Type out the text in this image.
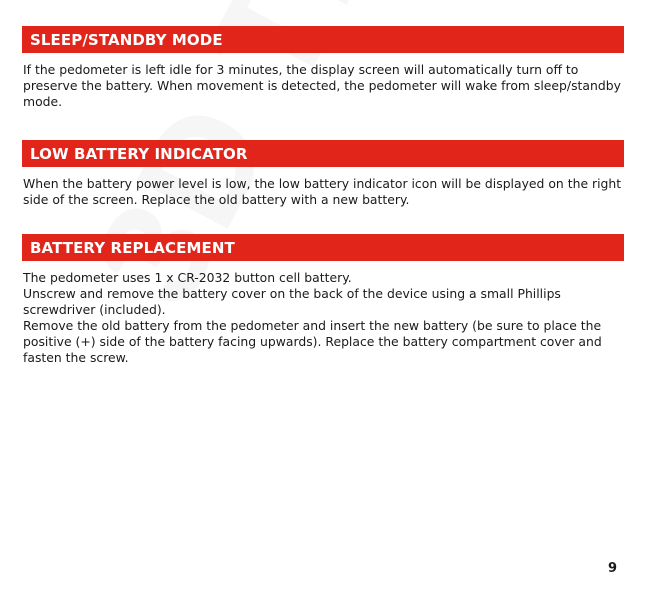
SLEEP/STANDBY MODE

If the pedometer is left idle for 3 minutes, the display screen will automatically turn off to preserve the battery. When movement is detected, the pedometer will wake from sleep/standby mode.

LOW BATTERY INDICATOR

When the battery power level is low, the low battery indicator icon will be displayed on the right side of the screen. Replace the old battery with a new battery.

BATTERY REPLACEMENT

The pedometer uses 1 x CR-2032 button cell battery.

Unscrew and remove the battery cover on the back of the device using a small Phillips screwdriver (included).

Remove the old battery from the pedometer and insert the new battery (be sure to place the positive (+) side of the battery facing upwards). Replace the battery compartment cover and fasten the screw.

9
